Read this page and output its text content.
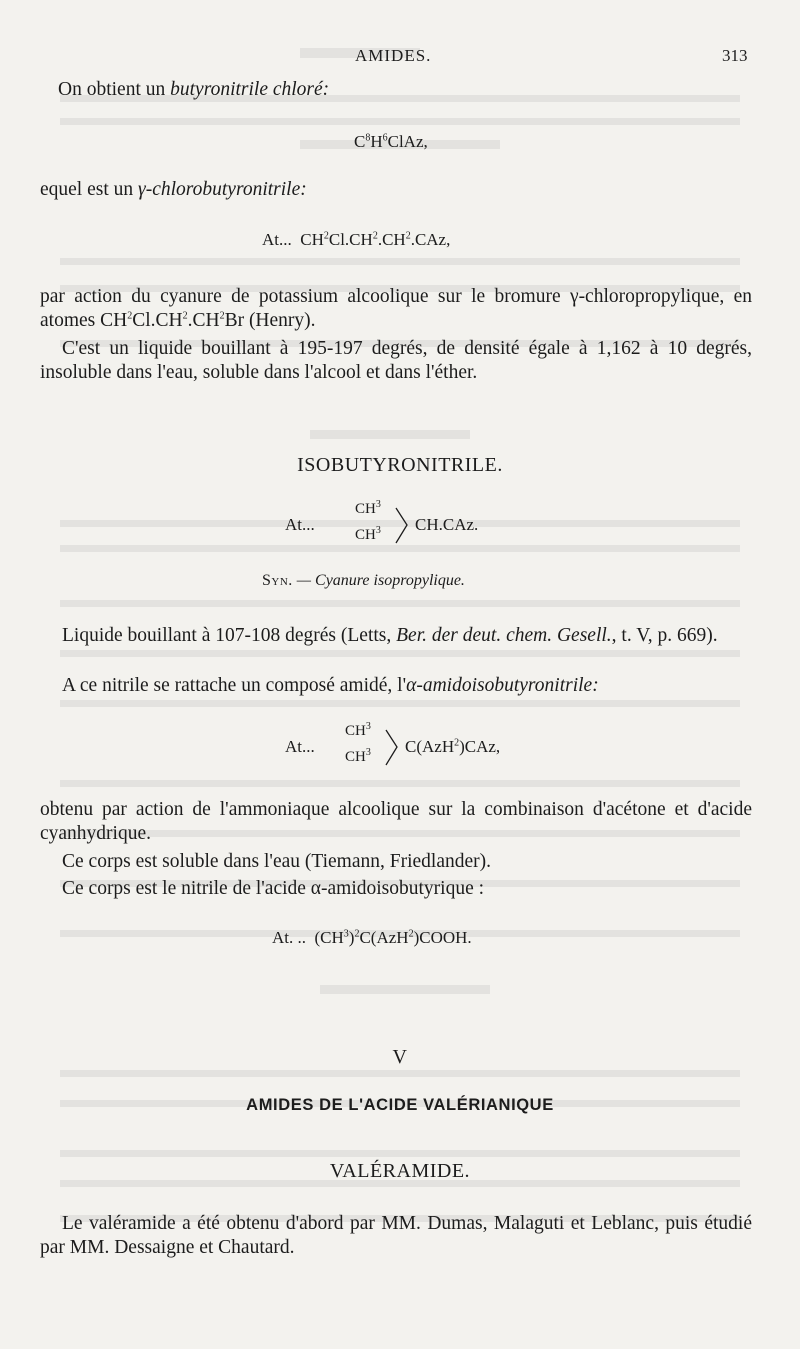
AMIDES.	313
On obtient un butyronitrile chloré:
$C^8H^6ClAz$,
equel est un γ-chlorobutyronitrile:
At...  $CH^2Cl.CH^2.CH^2.CAz$,
par action du cyanure de potassium alcoolique sur le bromure γ-chloropropylique, en atomes $CH^2Cl.CH^2.CH^2Br$ (Henry).
C'est un liquide bouillant à 195-197 degrés, de densité égale à 1,162 à 10 degrés, insoluble dans l'eau, soluble dans l'alcool et dans l'éther.
ISOBUTYRONITRILE.
At...
$CH^3$
$CH^3$ CH.CAz.
Syn. — Cyanure isopropylique.
Liquide bouillant à 107-108 degrés (Letts, Ber. der deut. chem. Gesell., t. V, p. 669).
A ce nitrile se rattache un composé amidé, l'α-amidoisobutyronitrile:
At...
$CH^3$
$CH^3$ C(AzH$^2$)CAz,
obtenu par action de l'ammoniaque alcoolique sur la combinaison d'acétone et d'acide cyanhydrique.
Ce corps est soluble dans l'eau (Tiemann, Friedlander).
Ce corps est le nitrile de l'acide α-amidoisobutyrique :
At. ..  $(CH^3)^2C(AzH^2)COOH$.
V
AMIDES DE L'ACIDE VALÉRIANIQUE
VALÉRAMIDE.
Le valéramide a été obtenu d'abord par MM. Dumas, Malaguti et Leblanc, puis étudié par MM. Dessaigne et Chautard.
